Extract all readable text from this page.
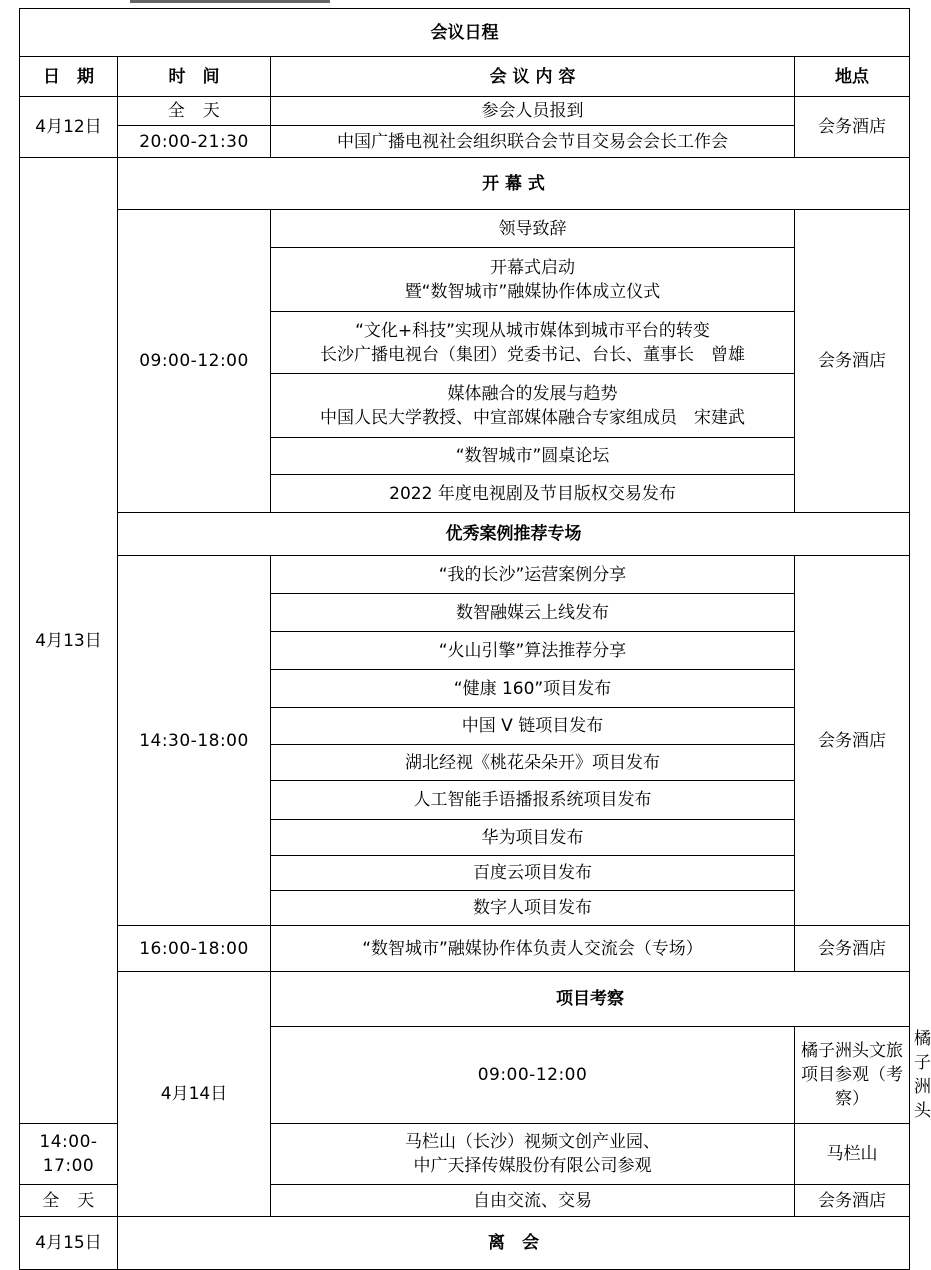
会议日程				
日　期	时　间	会 议 内 容	地点	
4月12日	全　天	参会人员报到	会务酒店	
	20:00-21:30	中国广播电视社会组织联合会节目交易会会长工作会		
4月13日	开 幕 式			
	09:00-12:00	领导致辞	会务酒店	
		开幕式启动
暨“数智城市”融媒协作体成立仪式		
		“文化+科技”实现从城市媒体到城市平台的转变
长沙广播电视台（集团）党委书记、台长、董事长　曾雄		
		媒体融合的发展与趋势
中国人民大学教授、中宣部媒体融合专家组成员　宋建武		
		“数智城市”圆桌论坛		
		2022 年度电视剧及节目版权交易发布		
	优秀案例推荐专场			
	14:30-18:00	“我的长沙”运营案例分享	会务酒店	
		数智融媒云上线发布		
		“火山引擎”算法推荐分享		
		“健康 160”项目发布		
		中国 V 链项目发布		
		湖北经视《桃花朵朵开》项目发布		
		人工智能手语播报系统项目发布		
		华为项目发布		
		百度云项目发布		
		数字人项目发布		
	16:00-18:00	“数智城市”融媒协作体负责人交流会（专场）	会务酒店	
	4月14日	项目考察		
		09:00-12:00	橘子洲头文旅项目参观（考察）	橘子洲头
14:00-17:00		马栏山（长沙）视频文创产业园、
中广天择传媒股份有限公司参观	马栏山	
全　天		自由交流、交易	会务酒店	
4月15日	离　会			
